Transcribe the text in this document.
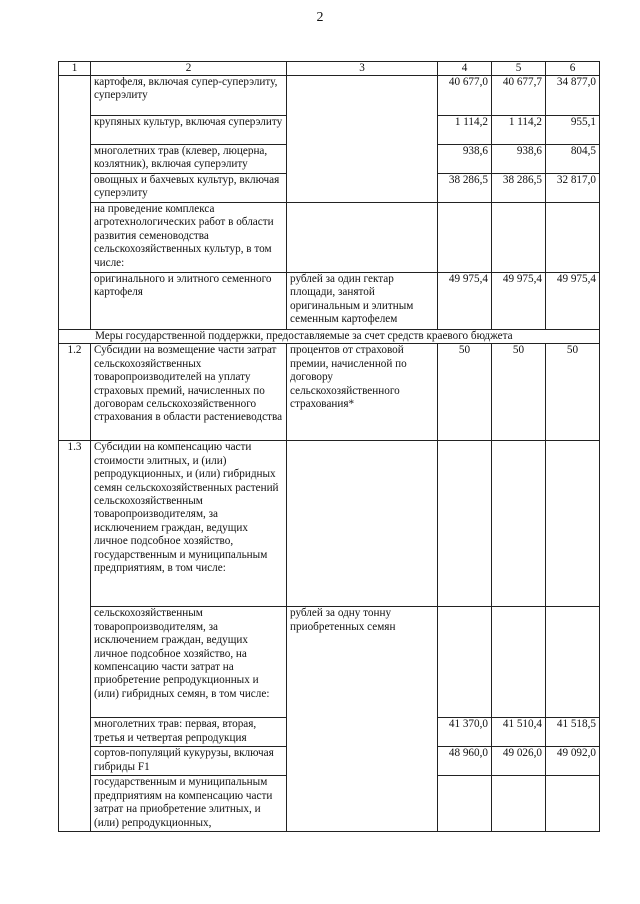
2
1	2	3	4	5	6
	картофеля, включая супер-суперэлиту, суперэлиту		40 677,0	40 677,7	34 877,0
	крупяных культур, включая суперэлиту		1 114,2	1 114,2	955,1
	многолетних трав (клевер, люцерна, козлятник), включая суперэлиту		938,6	938,6	804,5
	овощных и бахчевых культур, включая суперэлиту		38 286,5	38 286,5	32 817,0
	на проведение комплекса агротехнологических работ в области развития семеноводства сельскохозяйственных культур, в том числе:				
	оригинального и элитного семенного картофеля	рублей за один гектар площади, занятой оригинальным и элитным семенным картофелем	49 975,4	49 975,4	49 975,4
Меры государственной поддержки, предоставляемые за счет средств краевого бюджета					
1.2	Субсидии на возмещение части затрат сельскохозяйственных товаропроизводителей на уплату страховых премий, начисленных по договорам сельскохозяйственного страхования в области растениеводства	процентов от страховой премии, начисленной по договору сельскохозяйственного страхования*	50	50	50
1.3	Субсидии на компенсацию части стоимости элитных, и (или) репродукционных, и (или) гибридных семян сельскохозяйственных растений сельскохозяйственным товаропроизводителям, за исключением граждан, ведущих личное подсобное хозяйство, государственным и муниципальным предприятиям, в том числе:				
	сельскохозяйственным товаропроизводителям, за исключением граждан, ведущих личное подсобное хозяйство, на компенсацию части затрат на приобретение репродукционных и (или) гибридных семян, в том числе:	рублей за одну тонну приобретенных семян			
	многолетних трав: первая, вторая, третья и четвертая репродукция		41 370,0	41 510,4	41 518,5
	сортов-популяций кукурузы, включая гибриды F1		48 960,0	49 026,0	49 092,0
	государственным и муниципальным предприятиям на компенсацию части затрат на приобретение элитных, и (или) репродукционных,				
